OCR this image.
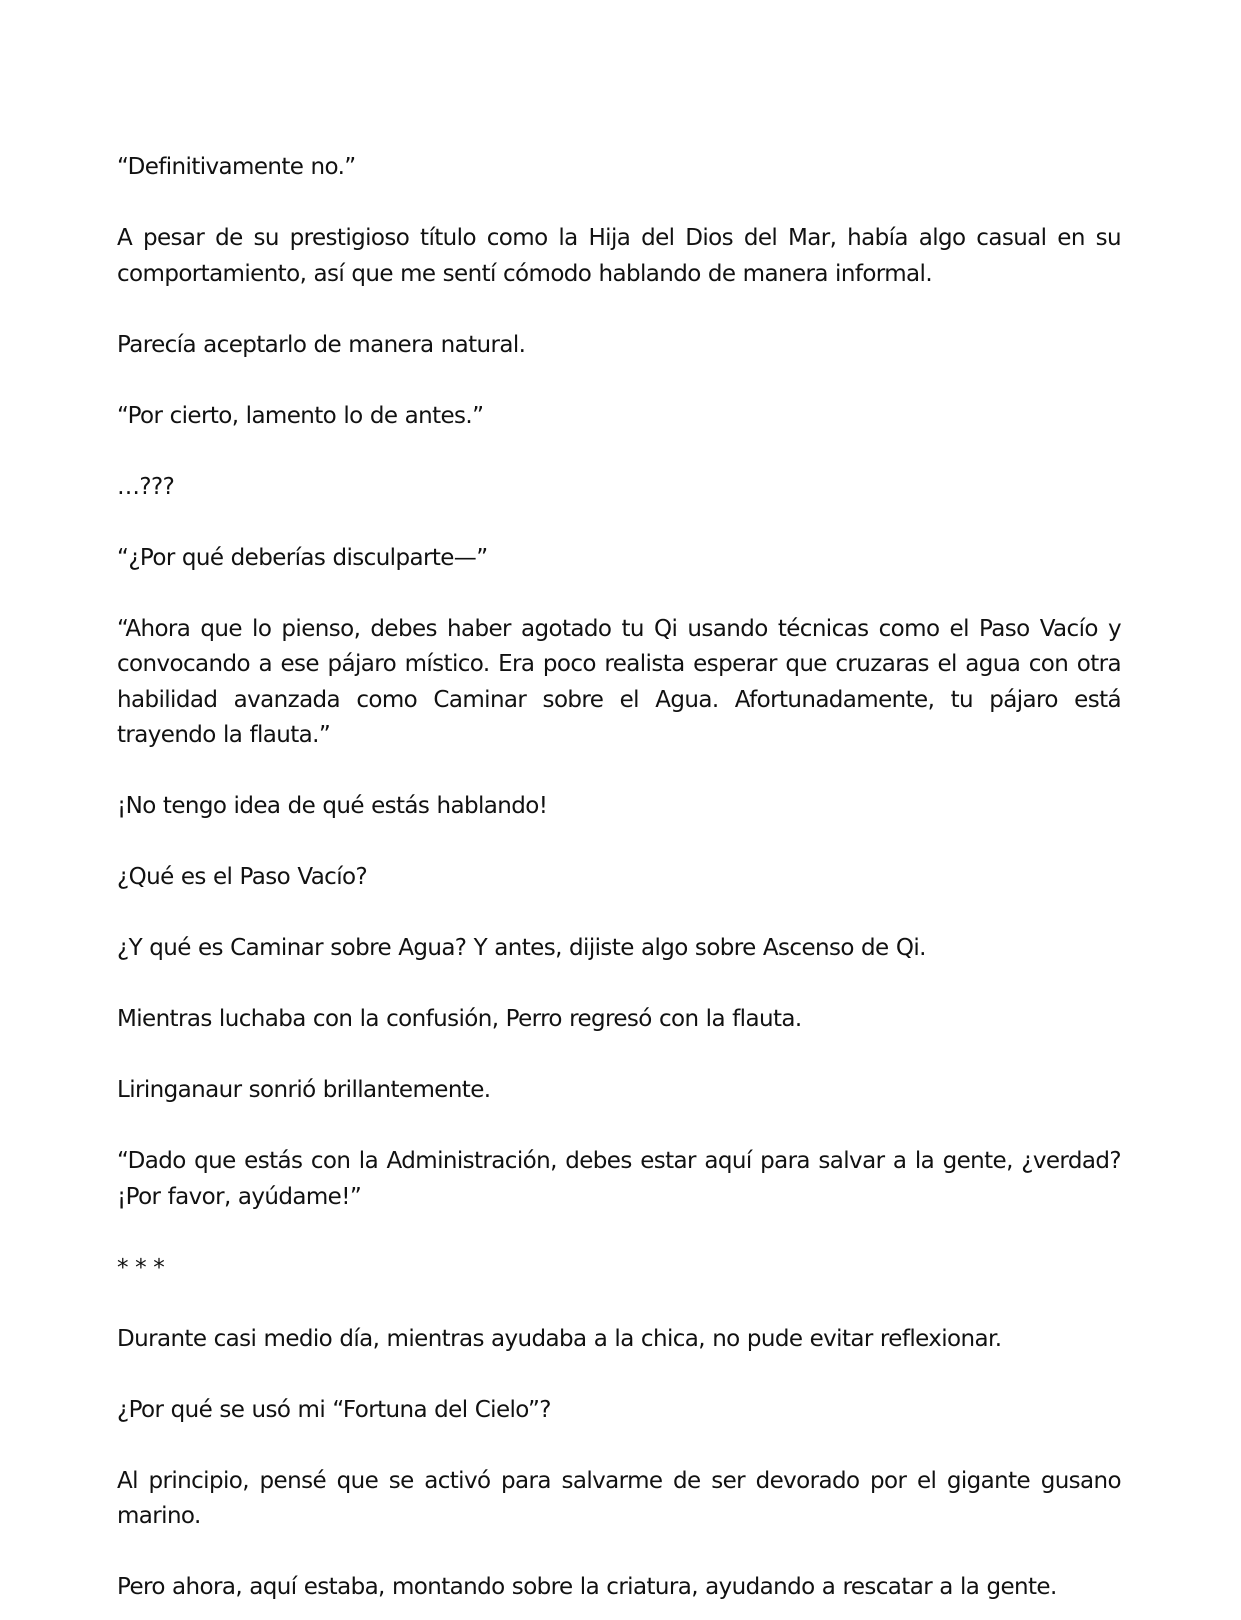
“Definitivamente no.”

A pesar de su prestigioso título como la Hija del Dios del Mar, había algo casual en su comportamiento, así que me sentí cómodo hablando de manera informal.

Parecía aceptarlo de manera natural.

“Por cierto, lamento lo de antes.”

…???

“¿Por qué deberías disculparte—”

“Ahora que lo pienso, debes haber agotado tu Qi usando técnicas como el Paso Vacío y convocando a ese pájaro místico. Era poco realista esperar que cruzaras el agua con otra habilidad avanzada como Caminar sobre el Agua. Afortunadamente, tu pájaro está trayendo la flauta.”

¡No tengo idea de qué estás hablando!

¿Qué es el Paso Vacío?

¿Y qué es Caminar sobre Agua? Y antes, dijiste algo sobre Ascenso de Qi.

Mientras luchaba con la confusión, Perro regresó con la flauta.

Liringanaur sonrió brillantemente.

“Dado que estás con la Administración, debes estar aquí para salvar a la gente, ¿verdad? ¡Por favor, ayúdame!”

* * *

Durante casi medio día, mientras ayudaba a la chica, no pude evitar reflexionar.

¿Por qué se usó mi “Fortuna del Cielo”?

Al principio, pensé que se activó para salvarme de ser devorado por el gigante gusano marino.

Pero ahora, aquí estaba, montando sobre la criatura, ayudando a rescatar a la gente.
